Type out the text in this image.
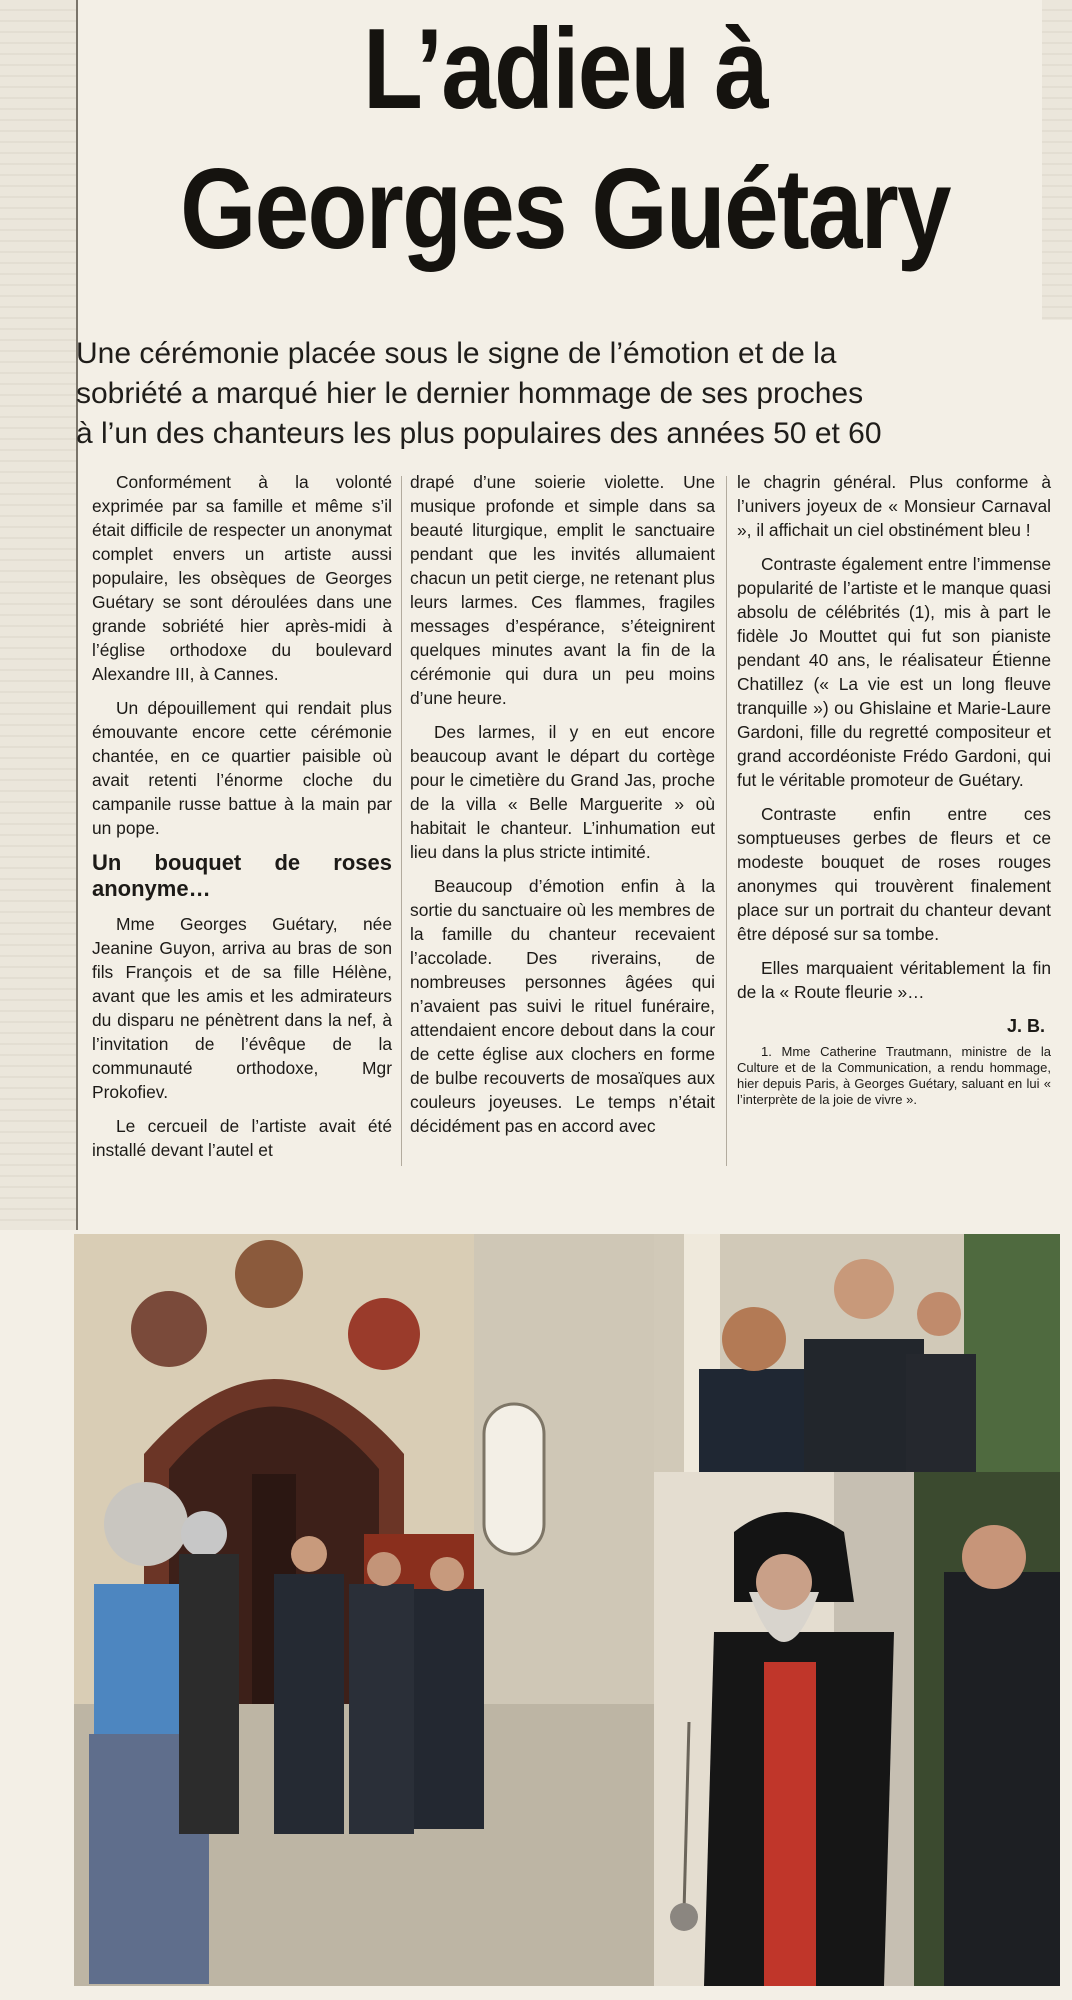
L’adieu à
Georges Guétary
Une cérémonie placée sous le signe de l’émotion et de la
sobriété a marqué hier le dernier hommage de ses proches
à l’un des chanteurs les plus populaires des années 50 et 60

Conformément à la volonté exprimée par sa famille et même s’il était difficile de respecter un anonymat complet envers un artiste aussi populaire, les obsèques de Georges Guétary se sont déroulées dans une grande sobriété hier après-midi à l’église orthodoxe du boulevard Alexandre III, à Cannes.

Un dépouillement qui rendait plus émouvante encore cette cérémonie chantée, en ce quartier paisible où avait retenti l’énorme cloche du campanile russe battue à la main par un pope.

Un bouquet de roses anonyme…

Mme Georges Guétary, née Jeanine Guyon, arriva au bras de son fils François et de sa fille Hélène, avant que les amis et les admirateurs du disparu ne pénètrent dans la nef, à l’invitation de l’évêque de la communauté orthodoxe, Mgr Prokofiev.

Le cercueil de l’artiste avait été installé devant l’autel et

drapé d’une soierie violette. Une musique profonde et simple dans sa beauté liturgique, emplit le sanctuaire pendant que les invités allumaient chacun un petit cierge, ne retenant plus leurs larmes. Ces flammes, fragiles messages d’espérance, s’éteignirent quelques minutes avant la fin de la cérémonie qui dura un peu moins d’une heure.

Des larmes, il y en eut encore beaucoup avant le départ du cortège pour le cimetière du Grand Jas, proche de la villa « Belle Marguerite » où habitait le chanteur. L’inhumation eut lieu dans la plus stricte intimité.

Beaucoup d’émotion enfin à la sortie du sanctuaire où les membres de la famille du chanteur recevaient l’accolade. Des riverains, de nombreuses personnes âgées qui n’avaient pas suivi le rituel funéraire, attendaient encore debout dans la cour de cette église aux clochers en forme de bulbe recouverts de mosaïques aux couleurs joyeuses. Le temps n’était décidément pas en accord avec

le chagrin général. Plus conforme à l’univers joyeux de « Monsieur Carnaval », il affichait un ciel obstinément bleu !

Contraste également entre l’immense popularité de l’artiste et le manque quasi absolu de célébrités (1), mis à part le fidèle Jo Mouttet qui fut son pianiste pendant 40 ans, le réalisateur Étienne Chatillez (« La vie est un long fleuve tranquille ») ou Ghislaine et Marie-Laure Gardoni, fille du regretté compositeur et grand accordéoniste Frédo Gardoni, qui fut le véritable promoteur de Guétary.

Contraste enfin entre ces somptueuses gerbes de fleurs et ce modeste bouquet de roses rouges anonymes qui trouvèrent finalement place sur un portrait du chanteur devant être déposé sur sa tombe.

Elles marquaient véritablement la fin de la « Route fleurie »…

J. B.

1. Mme Catherine Trautmann, ministre de la Culture et de la Communication, a rendu hommage, hier depuis Paris, à Georges Guétary, saluant en lui « l’interprète de la joie de vivre ».
